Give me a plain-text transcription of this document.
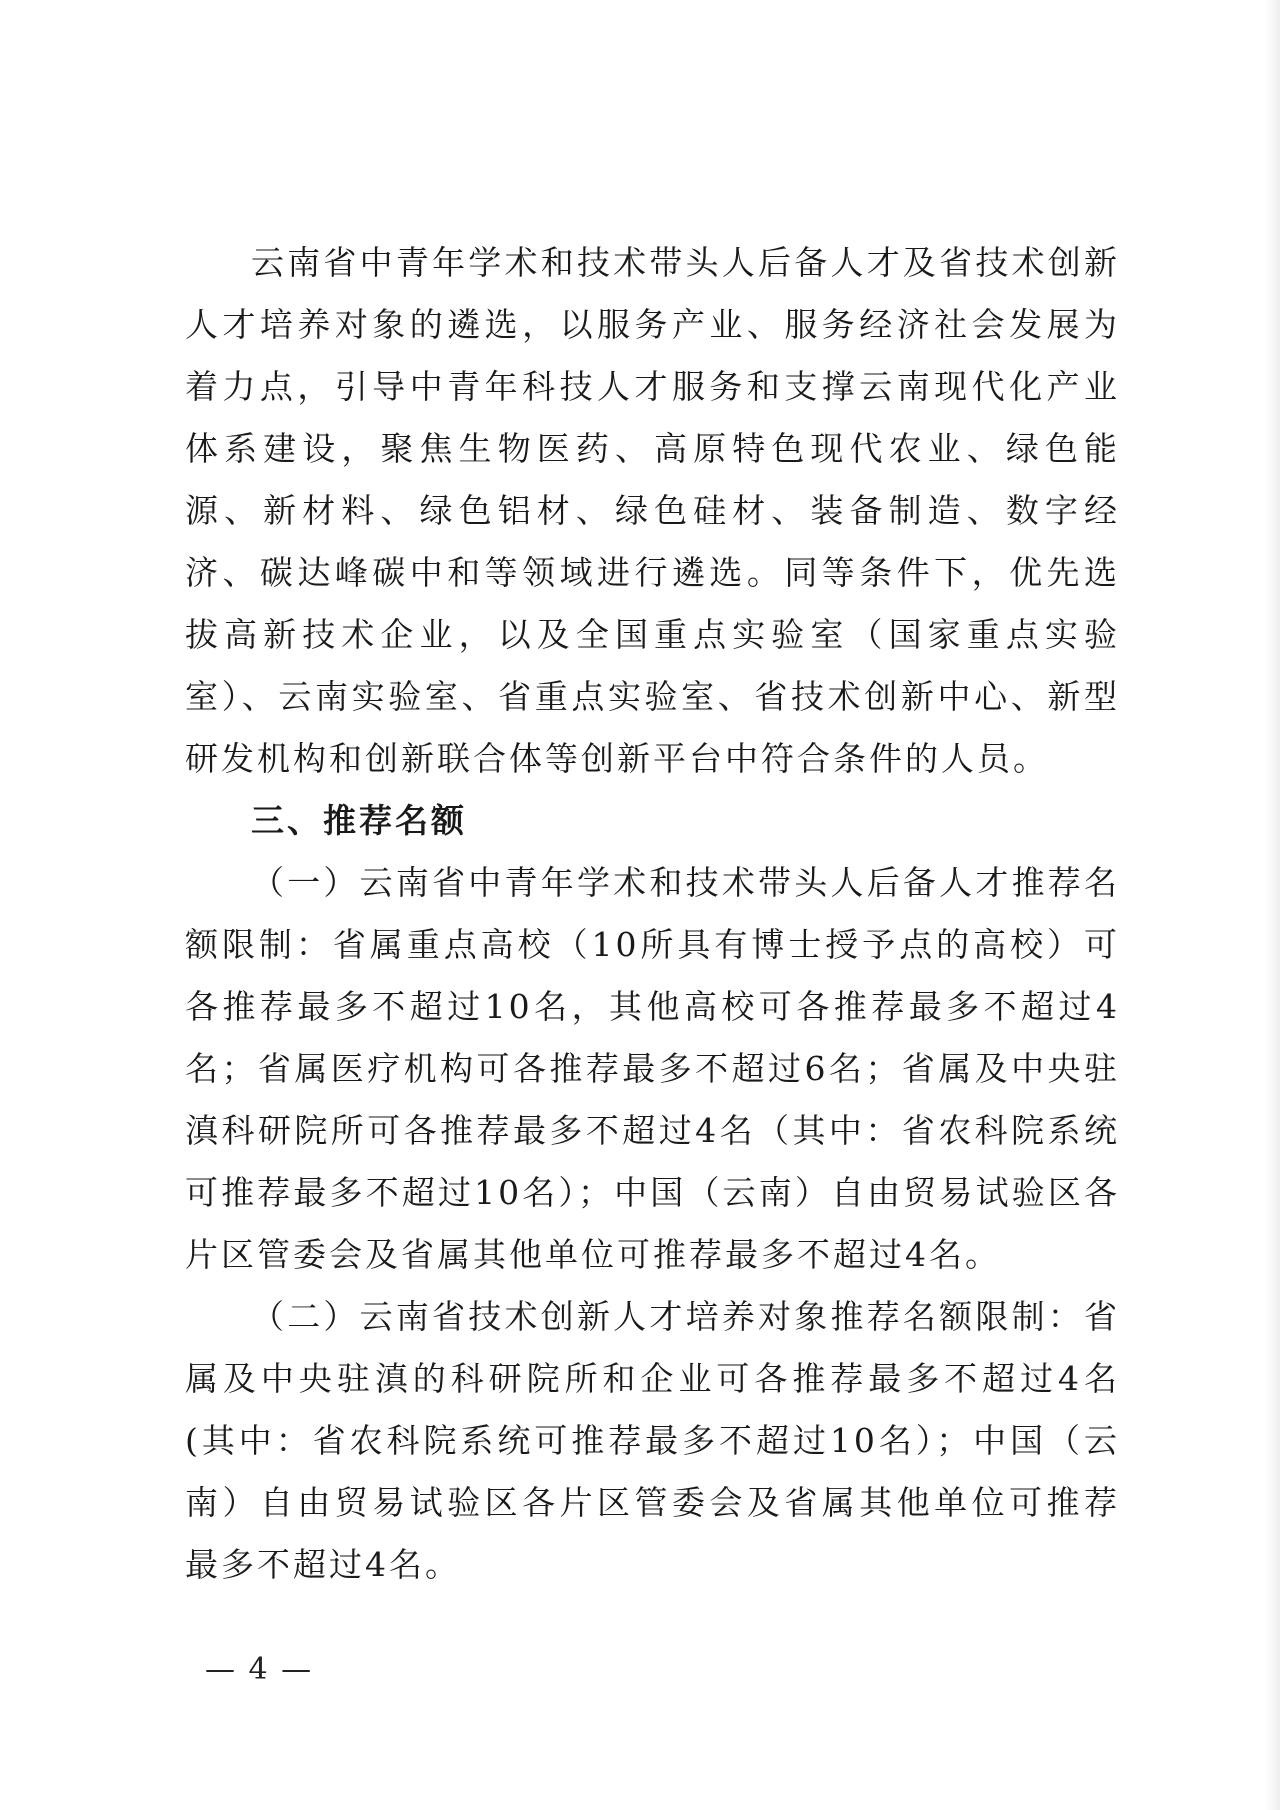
云南省中青年学术和技术带头人后备人才及省技术创新人才培养对象的遴选，以服务产业、服务经济社会发展为着力点，引导中青年科技人才服务和支撑云南现代化产业体系建设，聚焦生物医药、高原特色现代农业、绿色能源、新材料、绿色铝材、绿色硅材、装备制造、数字经济、碳达峰碳中和等领域进行遴选。同等条件下，优先选拔高新技术企业，以及全国重点实验室（国家重点实验室）、云南实验室、省重点实验室、省技术创新中心、新型研发机构和创新联合体等创新平台中符合条件的人员。

三、推荐名额

（一）云南省中青年学术和技术带头人后备人才推荐名额限制：省属重点高校（10所具有博士授予点的高校）可各推荐最多不超过10名，其他高校可各推荐最多不超过4名；省属医疗机构可各推荐最多不超过6名；省属及中央驻滇科研院所可各推荐最多不超过4名（其中：省农科院系统可推荐最多不超过10名）；中国（云南）自由贸易试验区各片区管委会及省属其他单位可推荐最多不超过4名。

（二）云南省技术创新人才培养对象推荐名额限制：省属及中央驻滇的科研院所和企业可各推荐最多不超过4名(其中：省农科院系统可推荐最多不超过10名）；中国（云南）自由贸易试验区各片区管委会及省属其他单位可推荐最多不超过4名。

— 4 —
